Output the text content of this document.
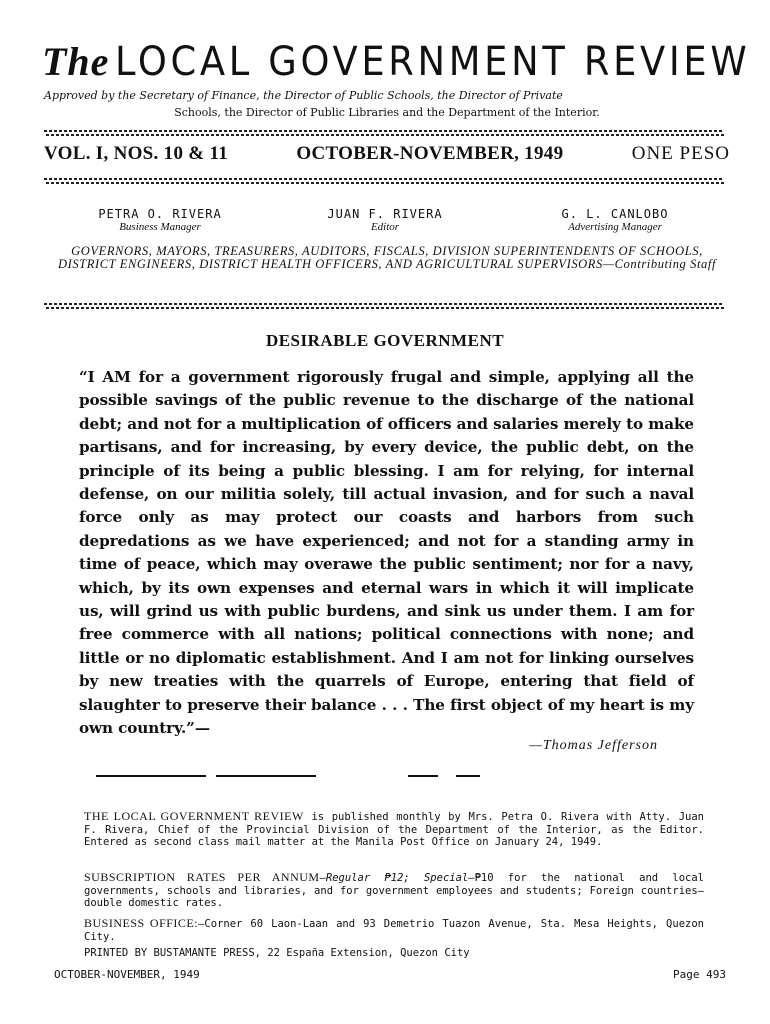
The LOCAL GOVERNMENT REVIEW
Approved by the Secretary of Finance, the Director of Public Schools, the Director of Private
Schools, the Director of Public Libraries and the Department of the Interior.
VOL. I, NOS. 10 & 11	OCTOBER-NOVEMBER, 1949	ONE PESO
PETRA O. RIVERA
Business Manager
JUAN F. RIVERA
Editor
G. L. CANLOBO
Advertising Manager
GOVERNORS, MAYORS, TREASURERS, AUDITORS, FISCALS, DIVISION SUPERINTENDENTS OF SCHOOLS, DISTRICT ENGINEERS, DISTRICT HEALTH OFFICERS, AND AGRICULTURAL SUPERVISORS—Contributing Staff
DESIRABLE GOVERNMENT
“I AM for a government rigorously frugal and simple, applying all the possible savings of the public revenue to the discharge of the national debt; and not for a multiplication of officers and salaries merely to make partisans, and for increasing, by every device, the public debt, on the principle of its being a public blessing. I am for relying, for internal defense, on our militia solely, till actual invasion, and for such a naval force only as may protect our coasts and harbors from such depredations as we have experienced; and not for a standing army in time of peace, which may overawe the public sentiment; nor for a navy, which, by its own expenses and eternal wars in which it will implicate us, will grind us with public burdens, and sink us under them. I am for free commerce with all nations; political connections with none; and little or no diplomatic establishment. And I am not for linking ourselves by new treaties with the quarrels of Europe, entering that field of slaughter to preserve their balance . . . The first object of my heart is my own country.”—
—Thomas Jefferson
THE LOCAL GOVERNMENT REVIEW is published monthly by Mrs. Petra O. Rivera with Atty. Juan F. Rivera, Chief of the Provincial Division of the Department of the Interior, as the Editor. Entered as second class mail matter at the Manila Post Office on January 24, 1949.
SUBSCRIPTION RATES PER ANNUM—Regular ₱12; Special—₱10 for the national and local governments, schools and libraries, and for government employees and students; Foreign countries—double domestic rates.
BUSINESS OFFICE:—Corner 60 Laon-Laan and 93 Demetrio Tuazon Avenue, Sta. Mesa Heights, Quezon City.
PRINTED BY BUSTAMANTE PRESS, 22 España Extension, Quezon City
OCTOBER-NOVEMBER, 1949	Page 493
